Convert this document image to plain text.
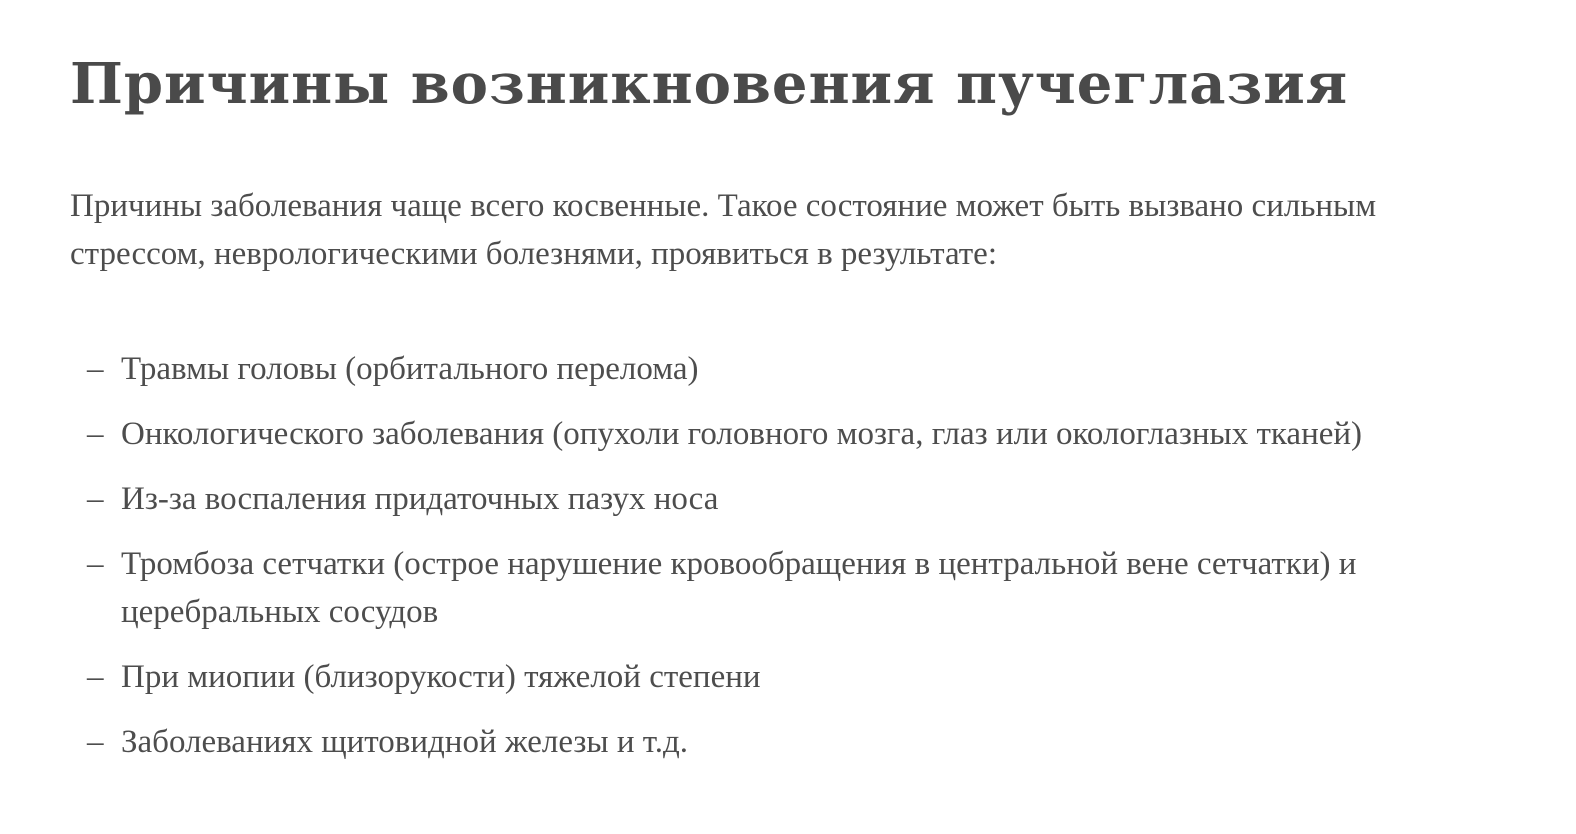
Причины возникновения пучеглазия

Причины заболевания чаще всего косвенные. Такое состояние может быть вызвано сильным стрессом, неврологическими болезнями, проявиться в результате:

– Травмы головы (орбитального перелома)
– Онкологического заболевания (опухоли головного мозга, глаз или окологлазных тканей)
– Из-за воспаления придаточных пазух носа
– Тромбоза сетчатки (острое нарушение кровообращения в центральной вене сетчатки) и церебральных сосудов
– При миопии (близорукости) тяжелой степени
– Заболеваниях щитовидной железы и т.д.
